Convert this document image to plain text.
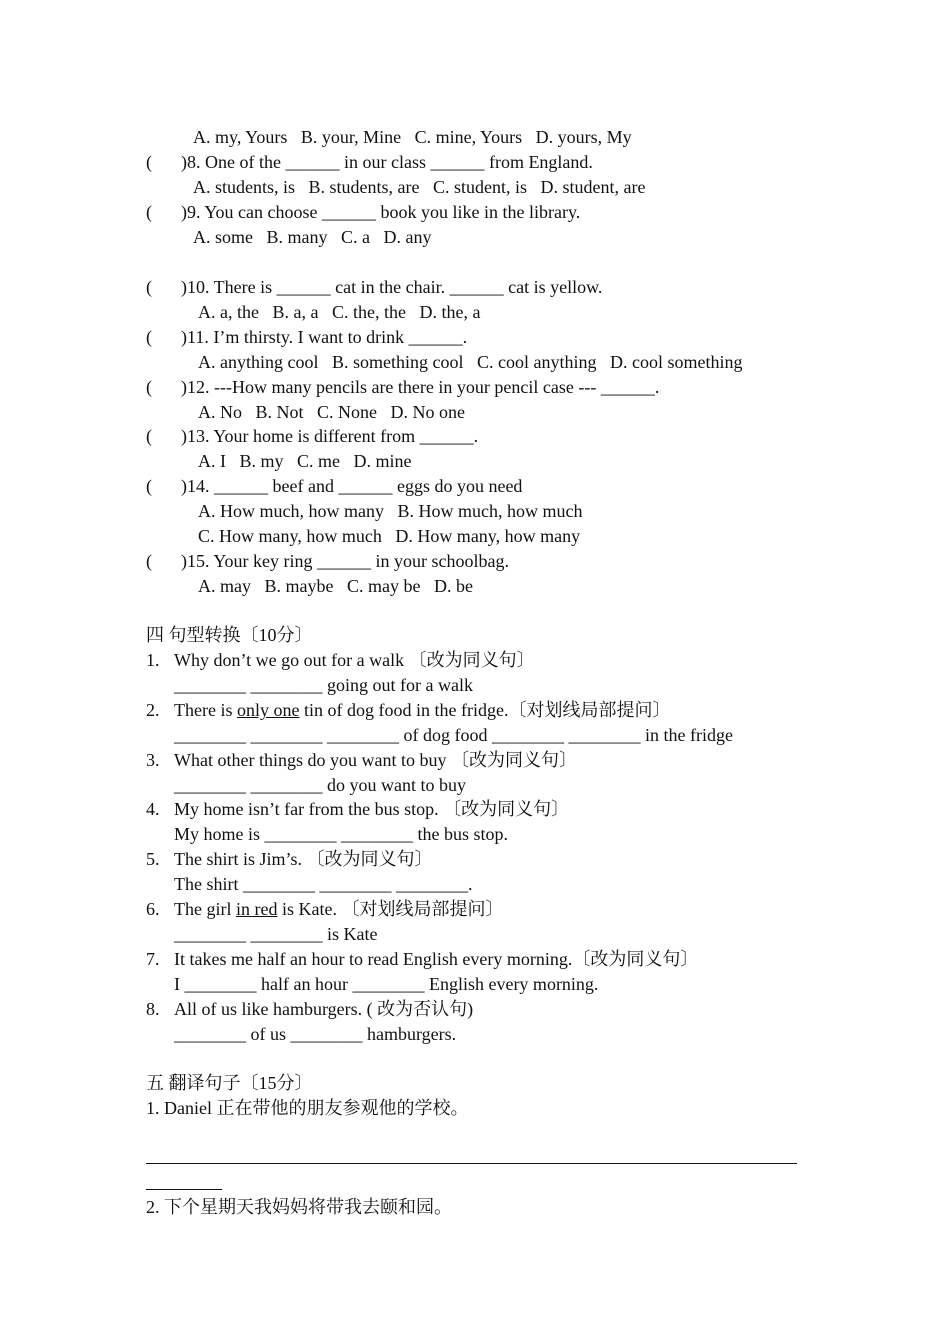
A. my, Yours   B. your, Mine   C. mine, Yours   D. yours, My
( )8. One of the ______ in our class ______ from England.
A. students, is   B. students, are   C. student, is   D. student, are
( )9. You can choose ______ book you like in the library.
A. some   B. many   C. a   D. any
( )10. There is ______ cat in the chair. ______ cat is yellow.
A. a, the   B. a, a   C. the, the   D. the, a
( )11. I’m thirsty. I want to drink ______.
A. anything cool   B. something cool   C. cool anything   D. cool something
( )12. ---How many pencils are there in your pencil case --- ______.
A. No   B. Not   C. None   D. No one
( )13. Your home is different from ______.
A. I   B. my   C. me   D. mine
( )14. ______ beef and ______ eggs do you need
A. How much, how many   B. How much, how much
C. How many, how much   D. How many, how many
( )15. Your key ring ______ in your schoolbag.
A. may   B. maybe   C. may be   D. be
四 句型转换〔10分〕
1. Why don’t we go out for a walk 〔改为同义句〕
________ ________ going out for a walk
2. There is only one tin of dog food in the fridge.〔对划线局部提问〕
________ ________ ________ of dog food ________ ________ in the fridge
3. What other things do you want to buy 〔改为同义句〕
________ ________ do you want to buy
4. My home isn’t far from the bus stop. 〔改为同义句〕
My home is ________ ________ the bus stop.
5. The shirt is Jim’s. 〔改为同义句〕
The shirt ________ ________ ________.
6. The girl in red is Kate. 〔对划线局部提问〕
________ ________ is Kate
7. It takes me half an hour to read English every morning.〔改为同义句〕
I ________ half an hour ________ English every morning.
8. All of us like hamburgers. ( 改为否认句)
________ of us ________ hamburgers.
五 翻译句子〔15分〕
1. Daniel 正在带他的朋友参观他的学校。
2. 下个星期天我妈妈将带我去颐和园。
